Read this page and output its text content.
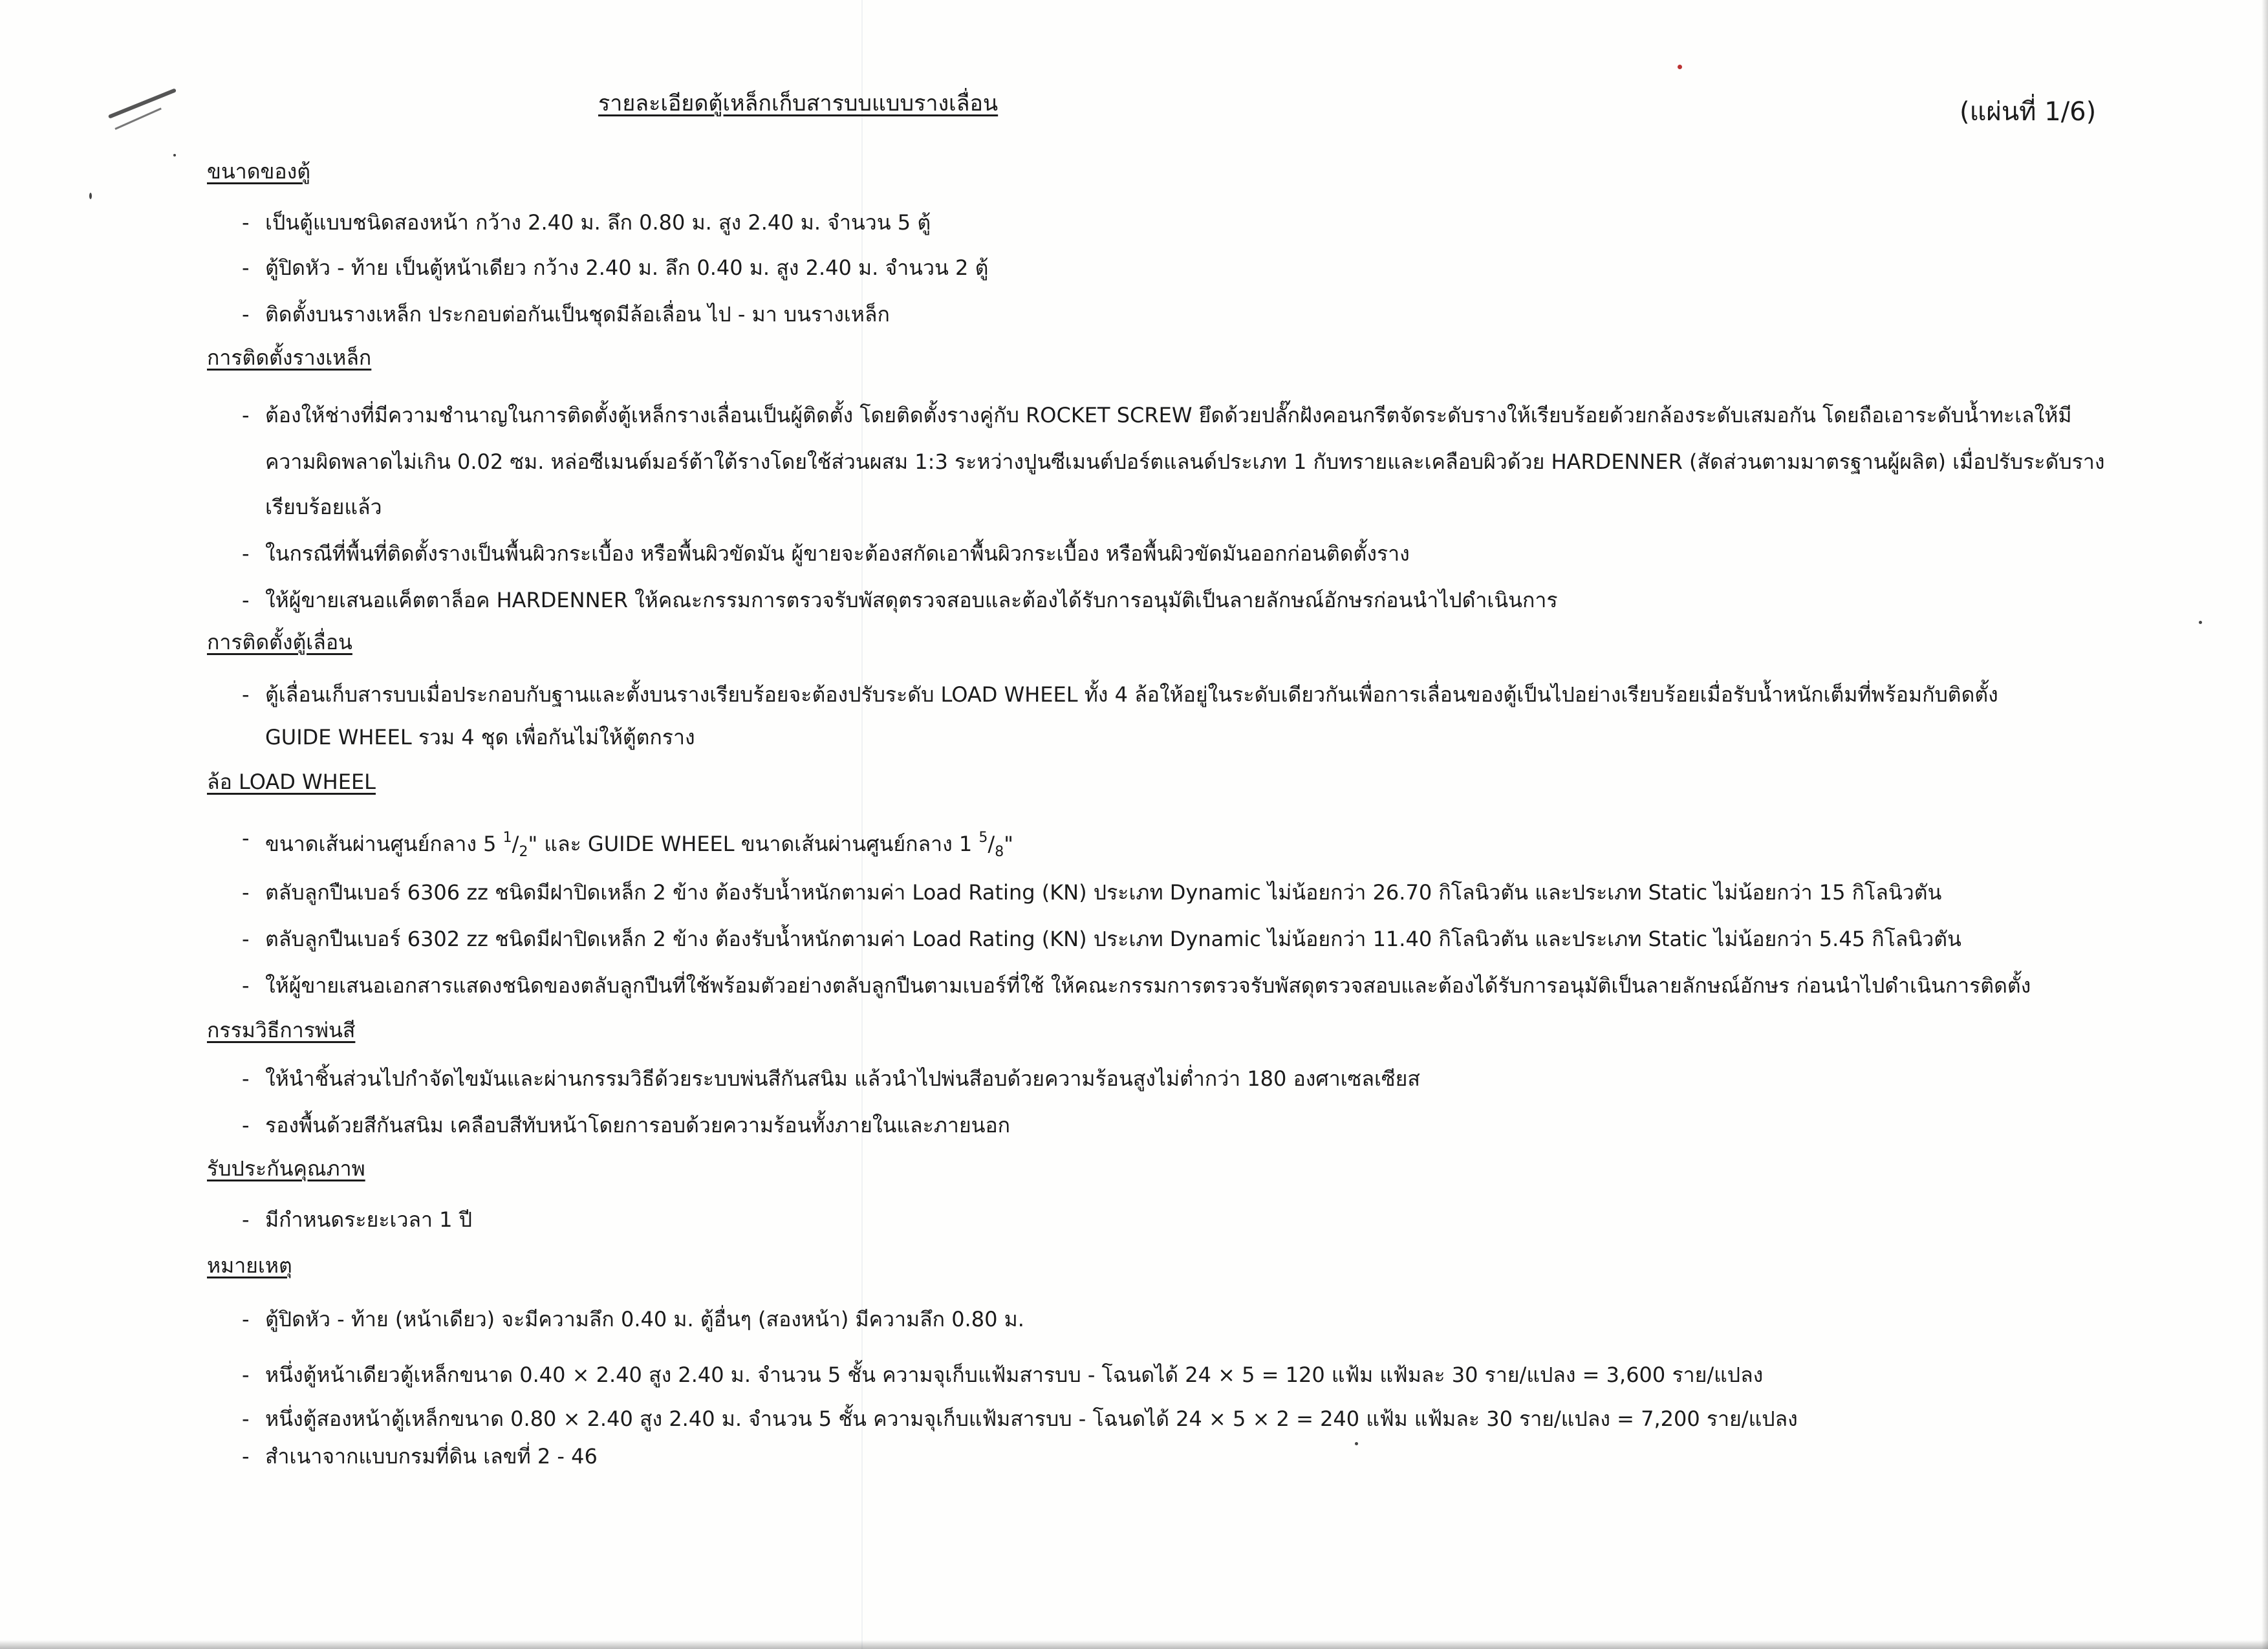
รายละเอียดตู้เหล็กเก็บสารบบแบบรางเลื่อน	(แผ่นที่ 1/6)
ขนาดของตู้
- เป็นตู้แบบชนิดสองหน้า กว้าง 2.40 ม. ลึก 0.80 ม. สูง 2.40 ม. จำนวน 5 ตู้
- ตู้ปิดหัว - ท้าย เป็นตู้หน้าเดียว กว้าง 2.40 ม. ลึก 0.40 ม. สูง 2.40 ม. จำนวน 2 ตู้
- ติดตั้งบนรางเหล็ก ประกอบต่อกันเป็นชุดมีล้อเลื่อน ไป - มา บนรางเหล็ก
การติดตั้งรางเหล็ก
- ต้องให้ช่างที่มีความชำนาญในการติดตั้งตู้เหล็กรางเลื่อนเป็นผู้ติดตั้ง โดยติดตั้งรางคู่กับ ROCKET SCREW ยึดด้วยปลั๊กฝังคอนกรีตจัดระดับรางให้เรียบร้อยด้วยกล้องระดับเสมอกัน โดยถือเอาระดับน้ำทะเลให้มี
ความผิดพลาดไม่เกิน 0.02 ซม. หล่อซีเมนต์มอร์ต้าใต้รางโดยใช้ส่วนผสม 1:3 ระหว่างปูนซีเมนต์ปอร์ตแลนด์ประเภท 1 กับทรายและเคลือบผิวด้วย HARDENNER (สัดส่วนตามมาตรฐานผู้ผลิต) เมื่อปรับระดับราง
เรียบร้อยแล้ว
- ในกรณีที่พื้นที่ติดตั้งรางเป็นพื้นผิวกระเบื้อง หรือพื้นผิวขัดมัน ผู้ขายจะต้องสกัดเอาพื้นผิวกระเบื้อง หรือพื้นผิวขัดมันออกก่อนติดตั้งราง
- ให้ผู้ขายเสนอแค็ตตาล็อค HARDENNER ให้คณะกรรมการตรวจรับพัสดุตรวจสอบและต้องได้รับการอนุมัติเป็นลายลักษณ์อักษรก่อนนำไปดำเนินการ
การติดตั้งตู้เลื่อน
- ตู้เลื่อนเก็บสารบบเมื่อประกอบกับฐานและตั้งบนรางเรียบร้อยจะต้องปรับระดับ LOAD WHEEL ทั้ง 4 ล้อให้อยู่ในระดับเดียวกันเพื่อการเลื่อนของตู้เป็นไปอย่างเรียบร้อยเมื่อรับน้ำหนักเต็มที่พร้อมกับติดตั้ง
GUIDE WHEEL รวม 4 ชุด เพื่อกันไม่ให้ตู้ตกราง
ล้อ LOAD WHEEL
- ขนาดเส้นผ่านศูนย์กลาง 5 $^1/_2$" และ GUIDE WHEEL ขนาดเส้นผ่านศูนย์กลาง 1 $^5/_8$"
- ตลับลูกปืนเบอร์ 6306 zz ชนิดมีฝาปิดเหล็ก 2 ข้าง ต้องรับน้ำหนักตามค่า Load Rating (KN) ประเภท Dynamic ไม่น้อยกว่า 26.70 กิโลนิวตัน และประเภท Static ไม่น้อยกว่า 15 กิโลนิวตัน
- ตลับลูกปืนเบอร์ 6302 zz ชนิดมีฝาปิดเหล็ก 2 ข้าง ต้องรับน้ำหนักตามค่า Load Rating (KN) ประเภท Dynamic ไม่น้อยกว่า 11.40 กิโลนิวตัน และประเภท Static ไม่น้อยกว่า 5.45 กิโลนิวตัน
- ให้ผู้ขายเสนอเอกสารแสดงชนิดของตลับลูกปืนที่ใช้พร้อมตัวอย่างตลับลูกปืนตามเบอร์ที่ใช้ ให้คณะกรรมการตรวจรับพัสดุตรวจสอบและต้องได้รับการอนุมัติเป็นลายลักษณ์อักษร ก่อนนำไปดำเนินการติดตั้ง
กรรมวิธีการพ่นสี
- ให้นำชิ้นส่วนไปกำจัดไขมันและผ่านกรรมวิธีด้วยระบบพ่นสีกันสนิม แล้วนำไปพ่นสีอบด้วยความร้อนสูงไม่ต่ำกว่า 180 องศาเซลเซียส
- รองพื้นด้วยสีกันสนิม เคลือบสีทับหน้าโดยการอบด้วยความร้อนทั้งภายในและภายนอก
รับประกันคุณภาพ
- มีกำหนดระยะเวลา 1 ปี
หมายเหตุ
- ตู้ปิดหัว - ท้าย (หน้าเดียว) จะมีความลึก 0.40 ม. ตู้อื่นๆ (สองหน้า) มีความลึก 0.80 ม.
- หนึ่งตู้หน้าเดียวตู้เหล็กขนาด 0.40 × 2.40 สูง 2.40 ม. จำนวน 5 ชั้น ความจุเก็บแฟ้มสารบบ - โฉนดได้ 24 × 5 = 120 แฟ้ม แฟ้มละ 30 ราย/แปลง = 3,600 ราย/แปลง
- หนึ่งตู้สองหน้าตู้เหล็กขนาด 0.80 × 2.40 สูง 2.40 ม. จำนวน 5 ชั้น ความจุเก็บแฟ้มสารบบ - โฉนดได้ 24 × 5 × 2 = 240 แฟ้ม แฟ้มละ 30 ราย/แปลง = 7,200 ราย/แปลง
- สำเนาจากแบบกรมที่ดิน เลขที่ 2 - 46
